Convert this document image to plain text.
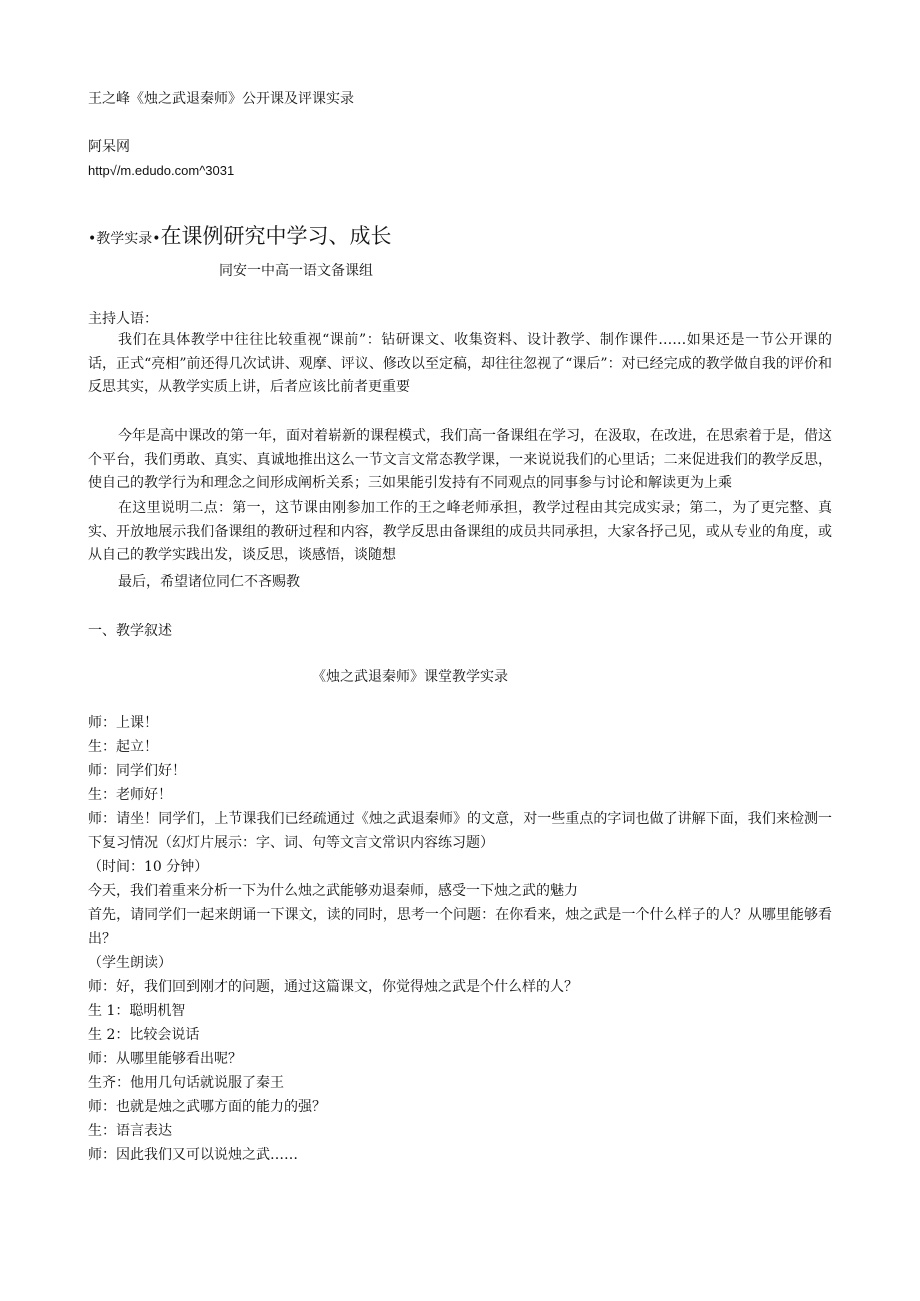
王之峰《烛之武退秦师》公开课及评课实录
阿呆网
http√/m.edudo.com^3031
•教学实录•在课例研究中学习、成长
同安一中高一语文备课组
主持人语：
我们在具体教学中往往比较重视“课前”：钻研课文、收集资料、设计教学、制作课件……如果还是一节公开课的话，正式“亮相”前还得几次试讲、观摩、评议、修改以至定稿，却往往忽视了“课后”：对已经完成的教学做自我的评价和反思其实，从教学实质上讲，后者应该比前者更重要
今年是高中课改的第一年，面对着崭新的课程模式，我们高一备课组在学习，在汲取，在改进，在思索着于是，借这个平台，我们勇敢、真实、真诚地推出这么一节文言文常态教学课，一来说说我们的心里话；二来促进我们的教学反思，使自己的教学行为和理念之间形成阐析关系；三如果能引发持有不同观点的同事参与讨论和解读更为上乘
在这里说明二点：第一，这节课由刚参加工作的王之峰老师承担，教学过程由其完成实录；第二，为了更完整、真实、开放地展示我们备课组的教研过程和内容，教学反思由备课组的成员共同承担，大家各抒己见，或从专业的角度，或从自己的教学实践出发，谈反思，谈感悟，谈随想
最后，希望诸位同仁不吝赐教
一、教学叙述
《烛之武退秦师》课堂教学实录
师：上课！
生：起立！
师：同学们好！
生：老师好！
师：请坐！同学们，上节课我们已经疏通过《烛之武退秦师》的文意，对一些重点的字词也做了讲解下面，我们来检测一下复习情况（幻灯片展示：字、词、句等文言文常识内容练习题）
（时间：10 分钟）
今天，我们着重来分析一下为什么烛之武能够劝退秦师，感受一下烛之武的魅力
首先，请同学们一起来朗诵一下课文，读的同时，思考一个问题：在你看来，烛之武是一个什么样子的人？从哪里能够看出？
（学生朗读）
师：好，我们回到刚才的问题，通过这篇课文，你觉得烛之武是个什么样的人？
生 1：聪明机智
生 2：比较会说话
师：从哪里能够看出呢？
生齐：他用几句话就说服了秦王
师：也就是烛之武哪方面的能力的强？
生：语言表达
师：因此我们又可以说烛之武……
